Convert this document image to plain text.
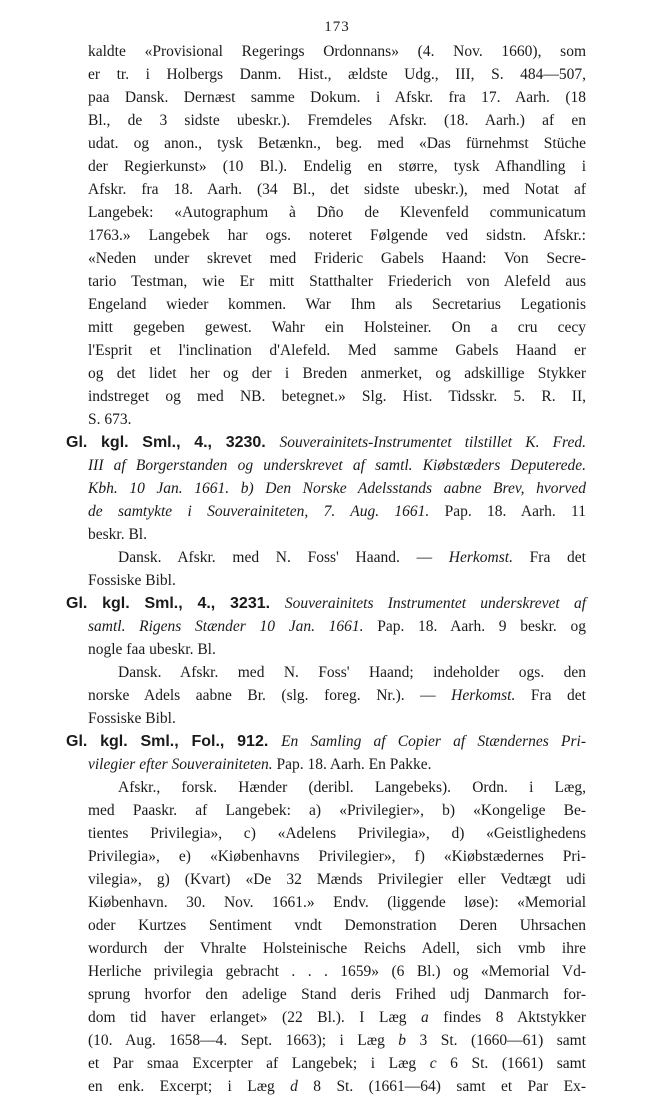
173
kaldte «Provisional Regerings Ordonnans» (4. Nov. 1660), som
er tr. i Holbergs Danm. Hist., ældste Udg., III, S. 484—507,
paa Dansk. Dernæst samme Dokum. i Afskr. fra 17. Aarh. (18
Bl., de 3 sidste ubeskr.). Fremdeles Afskr. (18. Aarh.) af en
udat. og anon., tysk Betænkn., beg. med «Das fürnehmst Stüche
der Regierkunst» (10 Bl.). Endelig en større, tysk Afhandling i
Afskr. fra 18. Aarh. (34 Bl., det sidste ubeskr.), med Notat af
Langebek: «Autographum à Dño de Klevenfeld communicatum
1763.» Langebek har ogs. noteret Følgende ved sidstn. Afskr.:
«Neden under skrevet med Frideric Gabels Haand: Von Secre-
tario Testman, wie Er mitt Statthalter Friederich von Alefeld aus
Engeland wieder kommen. War Ihm als Secretarius Legationis
mitt gegeben gewest. Wahr ein Holsteiner. On a cru cecy
l'Esprit et l'inclination d'Alefeld. Med samme Gabels Haand er
og det lidet her og der i Breden anmerket, og adskillige Stykker
indstreget og med NB. betegnet.» Slg. Hist. Tidsskr. 5. R. II,
S. 673.
Gl. kgl. Sml., 4., 3230. Souverainitets-Instrumentet tilstillet K. Fred.
III af Borgerstanden og underskrevet af samtl. Kiøbstæders Deputerede.
Kbh. 10 Jan. 1661. b) Den Norske Adelsstands aabne Brev, hvorved
de samtykte i Souverainiteten, 7. Aug. 1661. Pap. 18. Aarh. 11
beskr. Bl.
Dansk. Afskr. med N. Foss' Haand. — Herkomst. Fra det
Fossiske Bibl.
Gl. kgl. Sml., 4., 3231. Souverainitets Instrumentet underskrevet af
samtl. Rigens Stænder 10 Jan. 1661. Pap. 18. Aarh. 9 beskr. og
nogle faa ubeskr. Bl.
Dansk. Afskr. med N. Foss' Haand; indeholder ogs. den
norske Adels aabne Br. (slg. foreg. Nr.). — Herkomst. Fra det
Fossiske Bibl.
Gl. kgl. Sml., Fol., 912. En Samling af Copier af Stændernes Pri-
vilegier efter Souverainiteten. Pap. 18. Aarh. En Pakke.
Afskr., forsk. Hænder (deribl. Langebeks). Ordn. i Læg,
med Paaskr. af Langebek: a) «Privilegier», b) «Kongelige Be-
tientes Privilegia», c) «Adelens Privilegia», d) «Geistlighedens
Privilegia», e) «Kiøbenhavns Privilegier», f) «Kiøbstædernes Pri-
vilegia», g) (Kvart) «De 32 Mænds Privilegier eller Vedtægt udi
Kiøbenhavn. 30. Nov. 1661.» Endv. (liggende løse): «Memorial
oder Kurtzes Sentiment vndt Demonstration Deren Uhrsachen
wordurch der Vhralte Holsteinische Reichs Adell, sich vmb ihre
Herliche privilegia gebracht . . . 1659» (6 Bl.) og «Memorial Vd-
sprung hvorfor den adelige Stand deris Frihed udj Danmarch for-
dom tid haver erlanget» (22 Bl.). I Læg a findes 8 Aktstykker
(10. Aug. 1658—4. Sept. 1663); i Læg b 3 St. (1660—61) samt
et Par smaa Excerpter af Langebek; i Læg c 6 St. (1661) samt
en enk. Excerpt; i Læg d 8 St. (1661—64) samt et Par Ex-
